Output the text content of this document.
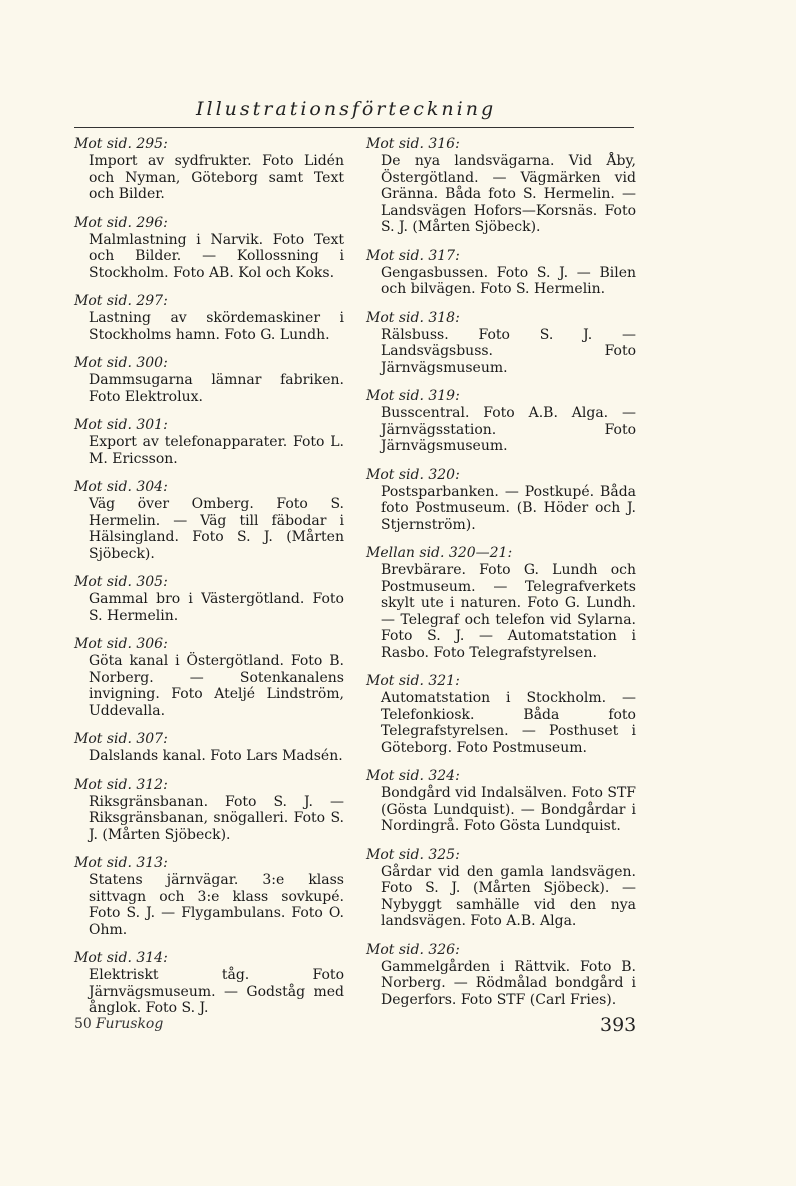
Illustrationsförteckning
Mot sid. 295:
Import av sydfrukter. Foto Lidén och Nyman, Göteborg samt Text och Bilder.
Mot sid. 296:
Malmlastning i Narvik. Foto Text och Bilder. — Kollossning i Stockholm. Foto AB. Kol och Koks.
Mot sid. 297:
Lastning av skördemaskiner i Stockholms hamn. Foto G. Lundh.
Mot sid. 300:
Dammsugarna lämnar fabriken. Foto Elektrolux.
Mot sid. 301:
Export av telefonapparater. Foto L. M. Ericsson.
Mot sid. 304:
Väg över Omberg. Foto S. Hermelin. — Väg till fäbodar i Hälsingland. Foto S. J. (Mårten Sjöbeck).
Mot sid. 305:
Gammal bro i Västergötland. Foto S. Hermelin.
Mot sid. 306:
Göta kanal i Östergötland. Foto B. Norberg. — Sotenkanalens invigning. Foto Ateljé Lindström, Uddevalla.
Mot sid. 307:
Dalslands kanal. Foto Lars Madsén.
Mot sid. 312:
Riksgränsbanan. Foto S. J. — Riksgränsbanan, snögalleri. Foto S. J. (Mårten Sjöbeck).
Mot sid. 313:
Statens järnvägar. 3:e klass sittvagn och 3:e klass sovkupé. Foto S. J. — Flygambulans. Foto O. Ohm.
Mot sid. 314:
Elektriskt tåg. Foto Järnvägsmuseum. — Godståg med ånglok. Foto S. J.
Mot sid. 316:
De nya landsvägarna. Vid Åby, Östergötland. — Vägmärken vid Gränna. Båda foto S. Hermelin. — Landsvägen Hofors—Korsnäs. Foto S. J. (Mårten Sjöbeck).
Mot sid. 317:
Gengasbussen. Foto S. J. — Bilen och bilvägen. Foto S. Hermelin.
Mot sid. 318:
Rälsbuss. Foto S. J. — Landsvägsbuss. Foto Järnvägsmuseum.
Mot sid. 319:
Busscentral. Foto A.B. Alga. — Järnvägsstation. Foto Järnvägsmuseum.
Mot sid. 320:
Postsparbanken. — Postkupé. Båda foto Postmuseum. (B. Höder och J. Stjernström).
Mellan sid. 320—21:
Brevbärare. Foto G. Lundh och Postmuseum. — Telegrafverkets skylt ute i naturen. Foto G. Lundh. — Telegraf och telefon vid Sylarna. Foto S. J. — Automatstation i Rasbo. Foto Telegrafstyrelsen.
Mot sid. 321:
Automatstation i Stockholm. — Telefonkiosk. Båda foto Telegrafstyrelsen. — Posthuset i Göteborg. Foto Postmuseum.
Mot sid. 324:
Bondgård vid Indalsälven. Foto STF (Gösta Lundquist). — Bondgårdar i Nordingrå. Foto Gösta Lundquist.
Mot sid. 325:
Gårdar vid den gamla landsvägen. Foto S. J. (Mårten Sjöbeck). — Nybyggt samhälle vid den nya landsvägen. Foto A.B. Alga.
Mot sid. 326:
Gammelgården i Rättvik. Foto B. Norberg. — Rödmålad bondgård i Degerfors. Foto STF (Carl Fries).
50 Furuskog	393
